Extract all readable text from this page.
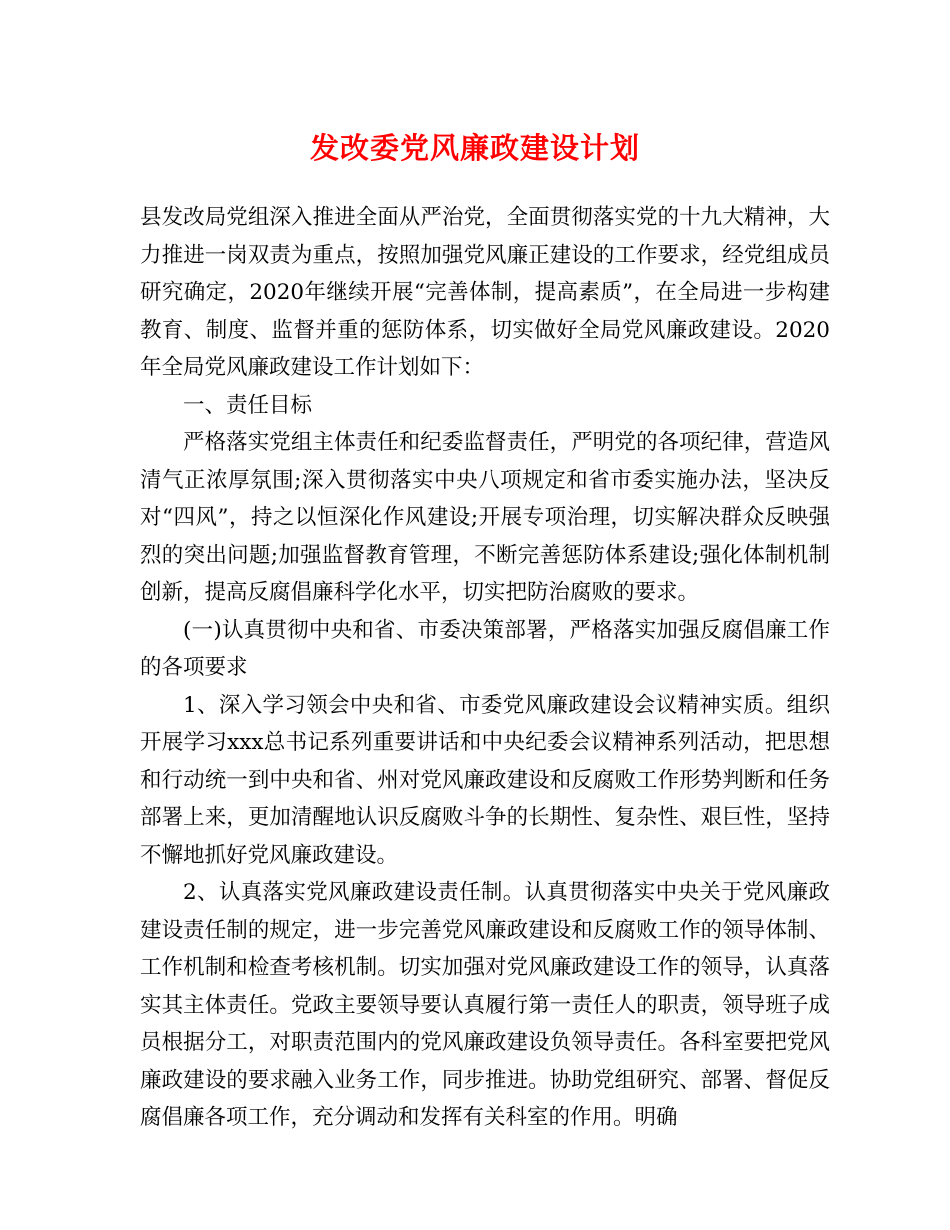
发改委党风廉政建设计划

县发改局党组深入推进全面从严治党，全面贯彻落实党的十九大精神，大力推进一岗双责为重点，按照加强党风廉正建设的工作要求，经党组成员研究确定，2020年继续开展“完善体制，提高素质”，在全局进一步构建教育、制度、监督并重的惩防体系，切实做好全局党风廉政建设。2020年全局党风廉政建设工作计划如下：

一、责任目标

严格落实党组主体责任和纪委监督责任，严明党的各项纪律，营造风清气正浓厚氛围;深入贯彻落实中央八项规定和省市委实施办法，坚决反对“四风”，持之以恒深化作风建设;开展专项治理，切实解决群众反映强烈的突出问题;加强监督教育管理，不断完善惩防体系建设;强化体制机制创新，提高反腐倡廉科学化水平，切实把防治腐败的要求。

(一)认真贯彻中央和省、市委决策部署，严格落实加强反腐倡廉工作的各项要求

1、深入学习领会中央和省、市委党风廉政建设会议精神实质。组织开展学习xxx总书记系列重要讲话和中央纪委会议精神系列活动，把思想和行动统一到中央和省、州对党风廉政建设和反腐败工作形势判断和任务部署上来，更加清醒地认识反腐败斗争的长期性、复杂性、艰巨性，坚持不懈地抓好党风廉政建设。

2、认真落实党风廉政建设责任制。认真贯彻落实中央关于党风廉政建设责任制的规定，进一步完善党风廉政建设和反腐败工作的领导体制、工作机制和检查考核机制。切实加强对党风廉政建设工作的领导，认真落实其主体责任。党政主要领导要认真履行第一责任人的职责，领导班子成员根据分工，对职责范围内的党风廉政建设负领导责任。各科室要把党风廉政建设的要求融入业务工作，同步推进。协助党组研究、部署、督促反腐倡廉各项工作，充分调动和发挥有关科室的作用。明确
